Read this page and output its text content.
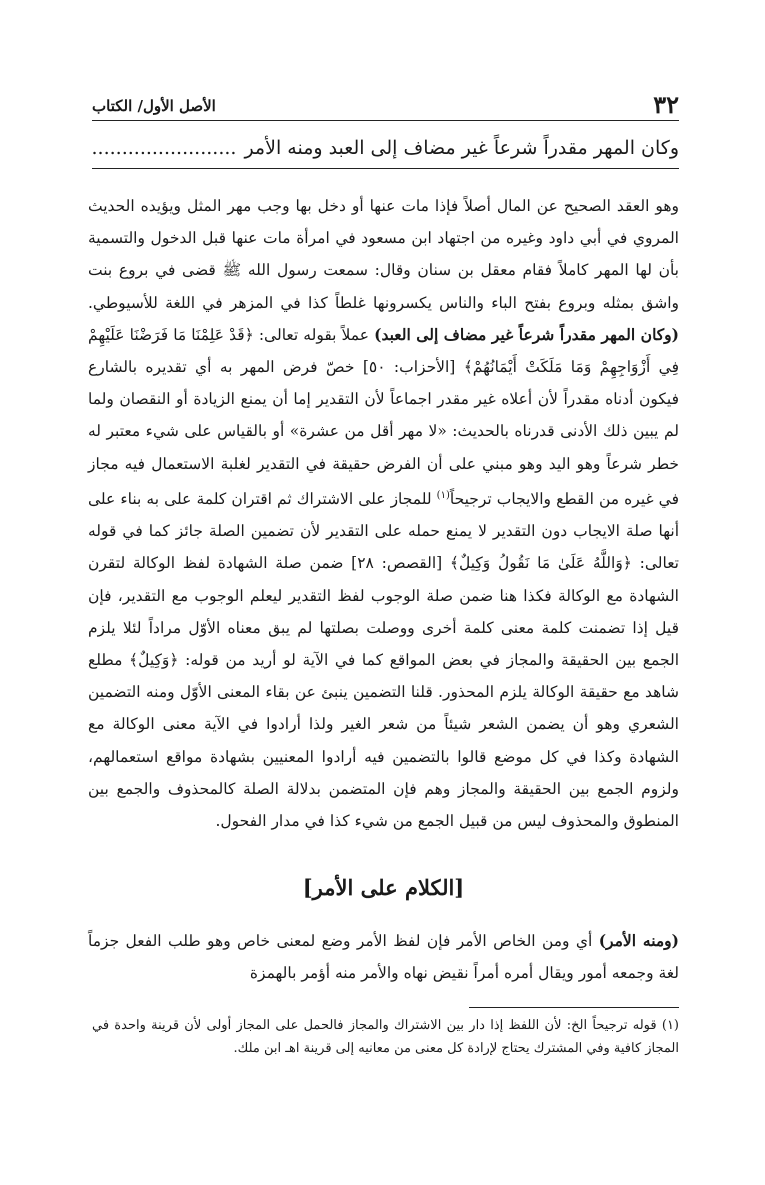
٣٢
الأصل الأول/ الكتاب
وكان المهر مقدراً شرعاً غير مضاف إلى العبد ومنه الأمر........................
وهو العقد الصحيح عن المال أصلاً فإذا مات عنها أو دخل بها وجب مهر المثل ويؤيده الحديث المروي في أبي داود وغيره من اجتهاد ابن مسعود في امرأة مات عنها قبل الدخول والتسمية بأن لها المهر كاملاً فقام معقل بن سنان وقال: سمعت رسول الله ﷺ قضى في بروع بنت واشق بمثله وبروع بفتح الباء والناس يكسرونها غلطاً كذا في المزهر في اللغة للأسيوطي. (وكان المهر مقدراً شرعاً غير مضاف إلى العبد) عملاً بقوله تعالى: ﴿قَدْ عَلِمْنَا مَا فَرَضْنَا عَلَيْهِمْ فِي أَزْوَاجِهِمْ وَمَا مَلَكَتْ أَيْمَانُهُمْ﴾ [الأحزاب: ٥٠] خصّ فرض المهر به أي تقديره بالشارع فيكون أدناه مقدراً لأن أعلاه غير مقدر اجماعاً لأن التقدير إما أن يمنع الزيادة أو النقصان ولما لم يبين ذلك الأدنى قدرناه بالحديث: «لا مهر أقل من عشرة» أو بالقياس على شيء معتبر له خطر شرعاً وهو اليد وهو مبني على أن الفرض حقيقة في التقدير لغلبة الاستعمال فيه مجاز في غيره من القطع والايجاب ترجيحاً$^{(١)}$ للمجاز على الاشتراك ثم اقتران كلمة على به بناء على أنها صلة الايجاب دون التقدير لا يمنع حمله على التقدير لأن تضمين الصلة جائز كما في قوله تعالى: ﴿وَاللَّهُ عَلَىٰ مَا نَقُولُ وَكِيلٌ﴾ [القصص: ٢٨] ضمن صلة الشهادة لفظ الوكالة لتقرن الشهادة مع الوكالة فكذا هنا ضمن صلة الوجوب لفظ التقدير ليعلم الوجوب مع التقدير، فإن قيل إذا تضمنت كلمة معنى كلمة أخرى ووصلت بصلتها لم يبق معناه الأوّل مراداً لئلا يلزم الجمع بين الحقيقة والمجاز في بعض المواقع كما في الآية لو أريد من قوله: ﴿وَكِيلٌ﴾ مطلع شاهد مع حقيقة الوكالة يلزم المحذور. قلنا التضمين ينبئ عن بقاء المعنى الأوّل ومنه التضمين الشعري وهو أن يضمن الشعر شيئاً من شعر الغير ولذا أرادوا في الآية معنى الوكالة مع الشهادة وكذا في كل موضع قالوا بالتضمين فيه أرادوا المعنيين بشهادة مواقع استعمالهم، ولزوم الجمع بين الحقيقة والمجاز وهم فإن المتضمن بدلالة الصلة كالمحذوف والجمع بين المنطوق والمحذوف ليس من قبيل الجمع من شيء كذا في مدار الفحول.
[الكلام على الأمر]
(ومنه الأمر) أي ومن الخاص الأمر فإن لفظ الأمر وضع لمعنى خاص وهو طلب الفعل جزماً لغة وجمعه أمور ويقال أمره أمراً نقيض نهاه والأمر منه أؤمر بالهمزة
(١) قوله ترجيحاً الخ: لأن اللفظ إذا دار بين الاشتراك والمجاز فالحمل على المجاز أولى لأن قرينة واحدة في المجاز كافية وفي المشترك يحتاج لإرادة كل معنى من معانيه إلى قرينة اهـ ابن ملك.
